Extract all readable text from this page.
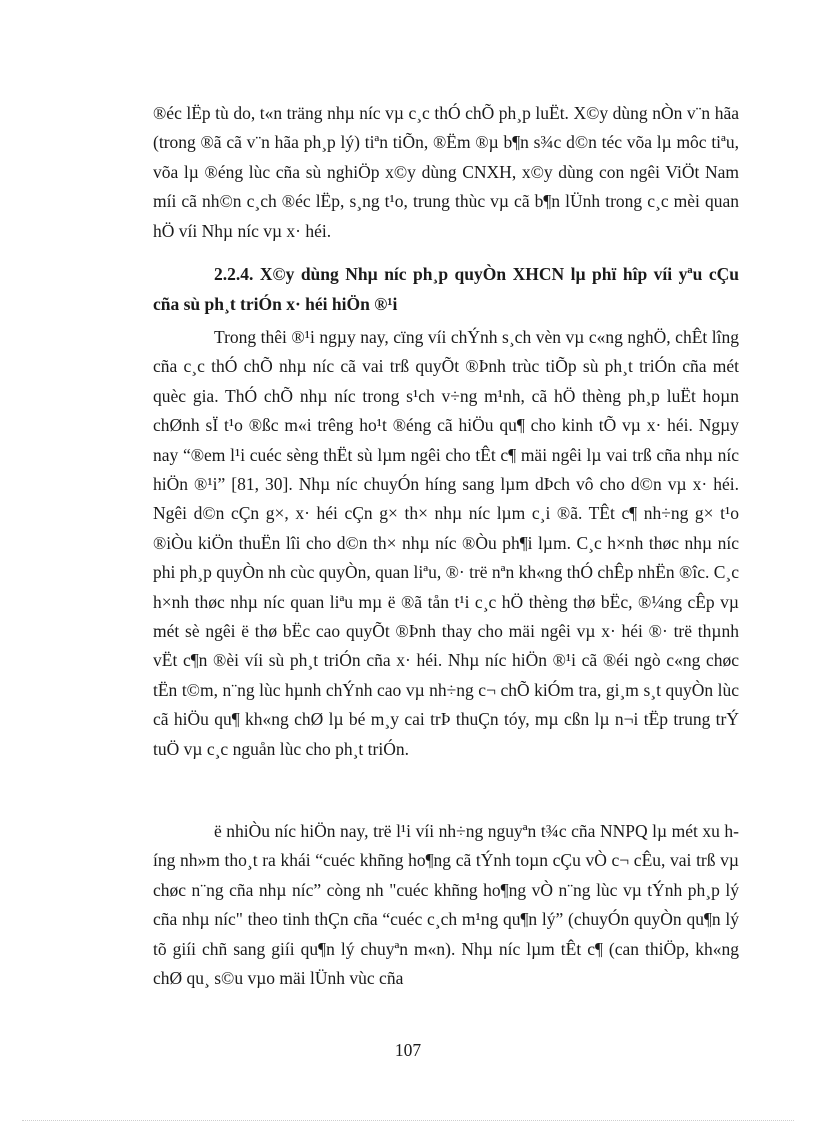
®éc lËp tù do, t«n träng nhµ níc vµ c¸c thÓ chÕ ph¸p luËt. X©y dùng nÒn v¨n hãa (trong ®ã cã v¨n hãa ph¸p lý) tiªn tiÕn, ®Ëm ®µ b¶n s¾c d©n téc võa lµ môc tiªu, võa lµ ®éng lùc cña sù nghiÖp x©y dùng CNXH, x©y dùng con ngêi ViÖt Nam míi cã nh©n c¸ch ®éc lËp, s¸ng t¹o, trung thùc vµ cã b¶n lÜnh trong c¸c mèi quan hÖ víi Nhµ níc vµ x· héi.

2.2.4. X©y dùng Nhµ níc ph¸p quyÒn XHCN lµ phï hîp víi yªu cÇu cña sù ph¸t triÓn x· héi hiÖn ®¹i

Trong thêi ®¹i ngµy nay, cïng víi chÝnh s¸ch vèn vµ c«ng nghÖ, chÊt lîng cña c¸c thÓ chÕ nhµ níc cã vai trß quyÕt ®Þnh trùc tiÕp sù ph¸t triÓn cña mét quèc gia. ThÓ chÕ nhµ níc trong s¹ch v÷ng m¹nh, cã hÖ thèng ph¸p luËt hoµn chØnh sÏ t¹o ®ßc m«i trêng ho¹t ®éng cã hiÖu qu¶ cho kinh tÕ vµ x· héi. Ngµy nay “®em l¹i cuéc sèng thËt sù lµm ngêi cho tÊt c¶ mäi ngêi lµ vai trß cña nhµ níc hiÖn ®¹i” [81, 30]. Nhµ níc chuyÓn híng sang lµm dÞch vô cho d©n vµ x· héi. Ngêi d©n cÇn g×, x· héi cÇn g× th× nhµ níc lµm c¸i ®ã. TÊt c¶ nh÷ng g× t¹o ®iÒu kiÖn thuËn lîi cho d©n th× nhµ níc ®Òu ph¶i lµm. C¸c h×nh thøc nhµ níc phi ph¸p quyÒn nh cùc quyÒn, quan liªu, ®· trë nªn kh«ng thÓ chÊp nhËn ®îc. C¸c h×nh thøc nhµ níc quan liªu mµ ë ®ã tån t¹i c¸c hÖ thèng thø bËc, ®¼ng cÊp vµ mét sè ngêi ë thø bËc cao quyÕt ®Þnh thay cho mäi ngêi vµ x· héi ®· trë thµnh vËt c¶n ®èi víi sù ph¸t triÓn cña x· héi. Nhµ níc hiÖn ®¹i cã ®éi ngò c«ng chøc tËn t©m, n¨ng lùc hµnh chÝnh cao vµ nh÷ng c¬ chÕ kiÓm tra, gi¸m s¸t quyÒn lùc cã hiÖu qu¶ kh«ng chØ lµ bé m¸y cai trÞ thuÇn tóy, mµ cßn lµ n¬i tËp trung trÝ tuÖ vµ c¸c nguån lùc cho ph¸t triÓn.

ë nhiÒu níc hiÖn nay, trë l¹i víi nh÷ng nguyªn t¾c cña NNPQ lµ mét xu híng nh»m tho¸t ra khái “cuéc khñng ho¶ng cã tÝnh toµn cÇu vÒ c¬ cÊu, vai trß vµ chøc n¨ng cña nhµ níc” còng nh "cuéc khñng ho¶ng vÒ n¨ng lùc vµ tÝnh ph¸p lý cña nhµ níc" theo tinh thÇn cña “cuéc c¸ch m¹ng qu¶n lý” (chuyÓn quyÒn qu¶n lý tõ giíi chñ sang giíi qu¶n lý chuyªn m«n). Nhµ níc lµm tÊt c¶ (can thiÖp, kh«ng chØ qu¸ s©u vµo mäi lÜnh vùc cña

107
